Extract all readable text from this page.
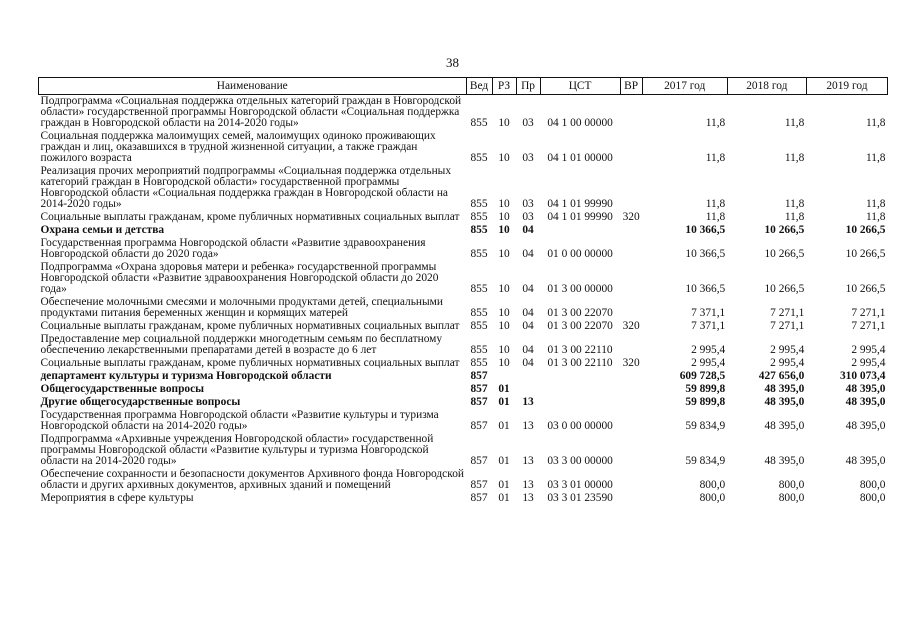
38
Наименование	Вед	РЗ	Пр	ЦСТ	ВР	2017 год	2018 год	2019 год
Подпрограмма «Социальная поддержка отдельных категорий граждан в Новгородской области» государственной программы Новгородской области «Социальная поддержка граждан в Новгородской области на 2014-2020 годы»	855	10	03	04 1 00 00000		11,8	11,8	11,8
Социальная поддержка малоимущих семей, малоимущих одиноко проживающих граждан и лиц, оказавшихся в трудной жизненной ситуации, а также граждан пожилого возраста	855	10	03	04 1 01 00000		11,8	11,8	11,8
Реализация прочих мероприятий подпрограммы «Социальная поддержка отдельных категорий граждан в Новгородской области» государственной программы Новгородской области «Социальная поддержка граждан в Новгородской области на 2014-2020 годы»	855	10	03	04 1 01 99990		11,8	11,8	11,8
Социальные выплаты гражданам, кроме публичных нормативных социальных выплат	855	10	03	04 1 01 99990	320	11,8	11,8	11,8
Охрана семьи и детства	855	10	04			10 366,5	10 266,5	10 266,5
Государственная программа Новгородской области «Развитие здравоохранения Новгородской области до 2020 года»	855	10	04	01 0 00 00000		10 366,5	10 266,5	10 266,5
Подпрограмма «Охрана здоровья матери и ребенка» государственной программы Новгородской области «Развитие здравоохранения Новгородской области до 2020 года»	855	10	04	01 3 00 00000		10 366,5	10 266,5	10 266,5
Обеспечение молочными смесями и молочными продуктами детей, специальными продуктами питания беременных женщин и кормящих матерей	855	10	04	01 3 00 22070		7 371,1	7 271,1	7 271,1
Социальные выплаты гражданам, кроме публичных нормативных социальных выплат	855	10	04	01 3 00 22070	320	7 371,1	7 271,1	7 271,1
Предоставление мер социальной поддержки многодетным семьям по бесплатному обеспечению лекарственными препаратами детей в возрасте до 6 лет	855	10	04	01 3 00 22110		2 995,4	2 995,4	2 995,4
Социальные выплаты гражданам, кроме публичных нормативных социальных выплат	855	10	04	01 3 00 22110	320	2 995,4	2 995,4	2 995,4
департамент культуры и туризма Новгородской области	857					609 728,5	427 656,0	310 073,4
Общегосударственные вопросы	857	01				59 899,8	48 395,0	48 395,0
Другие общегосударственные вопросы	857	01	13			59 899,8	48 395,0	48 395,0
Государственная программа Новгородской области «Развитие культуры и туризма Новгородской области на 2014-2020 годы»	857	01	13	03 0 00 00000		59 834,9	48 395,0	48 395,0
Подпрограмма «Архивные учреждения Новгородской области» государственной программы Новгородской области «Развитие культуры и туризма Новгородской области на 2014-2020 годы»	857	01	13	03 3 00 00000		59 834,9	48 395,0	48 395,0
Обеспечение сохранности и безопасности документов Архивного фонда Новгородской области и других архивных документов, архивных зданий и помещений	857	01	13	03 3 01 00000		800,0	800,0	800,0
Мероприятия в сфере культуры	857	01	13	03 3 01 23590		800,0	800,0	800,0
